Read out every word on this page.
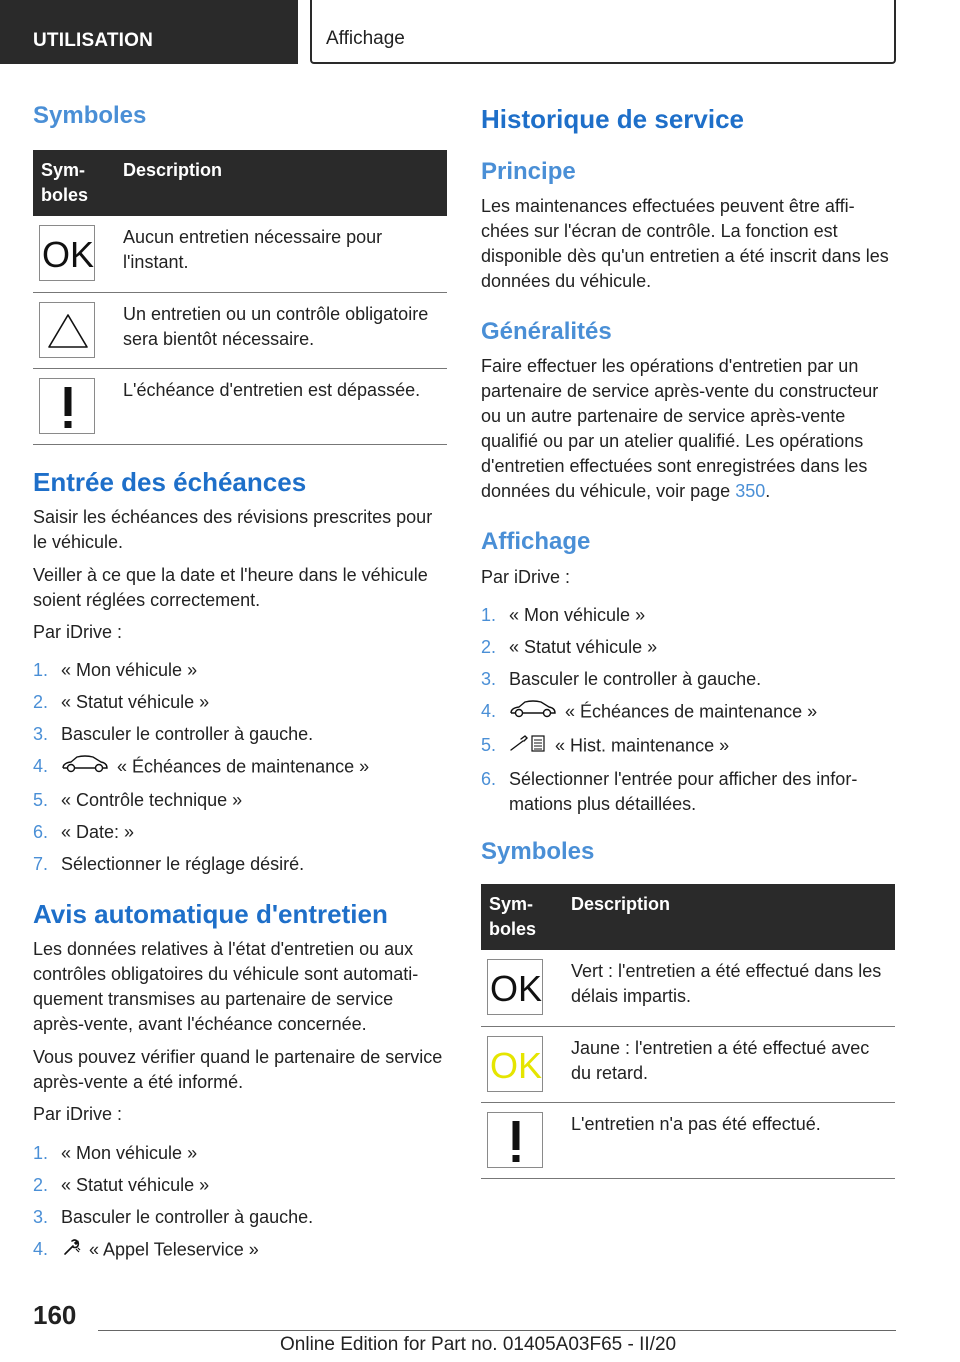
UTILISATION	Affichage
Symboles
Sym-
boles	Description

OK	Aucun entretien nécessaire pour l'instant.

	Un entretien ou un contrôle obligatoire sera bientôt nécessaire.

	L'échéance d'entretien est dépassée.
Entrée des échéances

Saisir les échéances des révisions prescrites pour le véhicule.

Veiller à ce que la date et l'heure dans le véhicule soient réglées correctement.

Par iDrive :

1. « Mon véhicule »
2. « Statut véhicule »
3. Basculer le controller à gauche.
4.	« Échéances de maintenance »
5. « Contrôle technique »
6. « Date: »
7. Sélectionner le réglage désiré.
Avis automatique d'entretien

Les données relatives à l'état d'entretien ou aux contrôles obligatoires du véhicule sont automatiquement transmises au partenaire de service après-vente, avant l'échéance concernée.

Vous pouvez vérifier quand le partenaire de service après-vente a été informé.

Par iDrive :

1. « Mon véhicule »
2. « Statut véhicule »
3. Basculer le controller à gauche.
4. « Appel Teleservice »
Historique de service
Principe

Les maintenances effectuées peuvent être affichées sur l'écran de contrôle. La fonction est disponible dès qu'un entretien a été inscrit dans les données du véhicule.

Généralités

Faire effectuer les opérations d'entretien par un partenaire de service après-vente du constructeur ou un autre partenaire de service après-vente qualifié ou par un atelier qualifié. Les opérations d'entretien effectuées sont enregistrées dans les données du véhicule, voir page 350.

Affichage

Par iDrive :

1. « Mon véhicule »
2. « Statut véhicule »
3. Basculer le controller à gauche.
4.	« Échéances de maintenance »
5.	« Hist. maintenance »
6. Sélectionner l'entrée pour afficher des informations plus détaillées.
Symboles
Sym-
boles	Description

OK	Vert : l'entretien a été effectué dans les délais impartis.

OK	Jaune : l'entretien a été effectué avec du retard.

	L'entretien n'a pas été effectué.
160
Online Edition for Part no. 01405A03F65 - II/20
